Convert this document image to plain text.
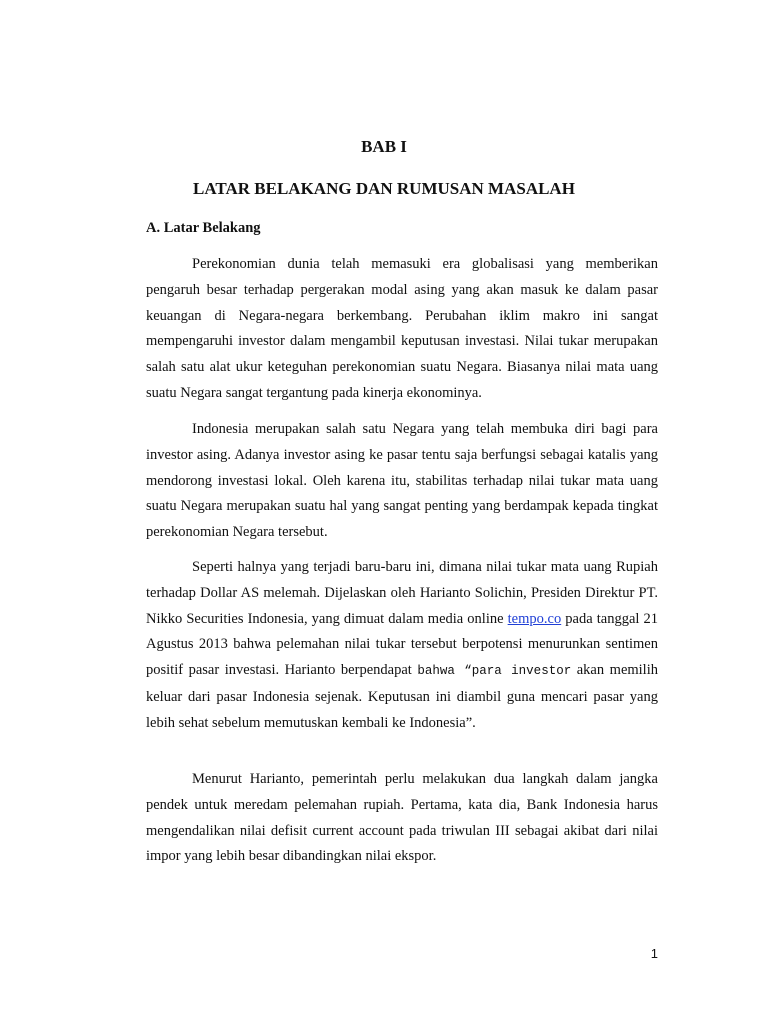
BAB I
LATAR BELAKANG DAN RUMUSAN MASALAH
A. Latar Belakang

Perekonomian dunia telah memasuki era globalisasi yang memberikan pengaruh besar terhadap pergerakan modal asing yang akan masuk ke dalam pasar keuangan di Negara-negara berkembang. Perubahan iklim makro ini sangat mempengaruhi investor dalam mengambil keputusan investasi. Nilai tukar merupakan salah satu alat ukur keteguhan perekonomian suatu Negara. Biasanya nilai mata uang suatu Negara sangat tergantung pada kinerja ekonominya.

Indonesia merupakan salah satu Negara yang telah membuka diri bagi para investor asing. Adanya investor asing ke pasar tentu saja berfungsi sebagai katalis yang mendorong investasi lokal. Oleh karena itu, stabilitas terhadap nilai tukar mata uang suatu Negara merupakan suatu hal yang sangat penting yang berdampak kepada tingkat perekonomian Negara tersebut.

Seperti halnya yang terjadi baru-baru ini, dimana nilai tukar mata uang Rupiah terhadap Dollar AS melemah. Dijelaskan oleh Harianto Solichin, Presiden Direktur PT. Nikko Securities Indonesia, yang dimuat dalam media online tempo.co pada tanggal 21 Agustus 2013 bahwa pelemahan nilai tukar tersebut berpotensi menurunkan sentimen positif pasar investasi. Harianto berpendapat bahwa “para investor akan memilih keluar dari pasar Indonesia sejenak. Keputusan ini diambil guna mencari pasar yang lebih sehat sebelum memutuskan kembali ke Indonesia”.

Menurut Harianto, pemerintah perlu melakukan dua langkah dalam jangka pendek untuk meredam pelemahan rupiah. Pertama, kata dia, Bank Indonesia harus mengendalikan nilai defisit current account pada triwulan III sebagai akibat dari nilai impor yang lebih besar dibandingkan nilai ekspor.

1
